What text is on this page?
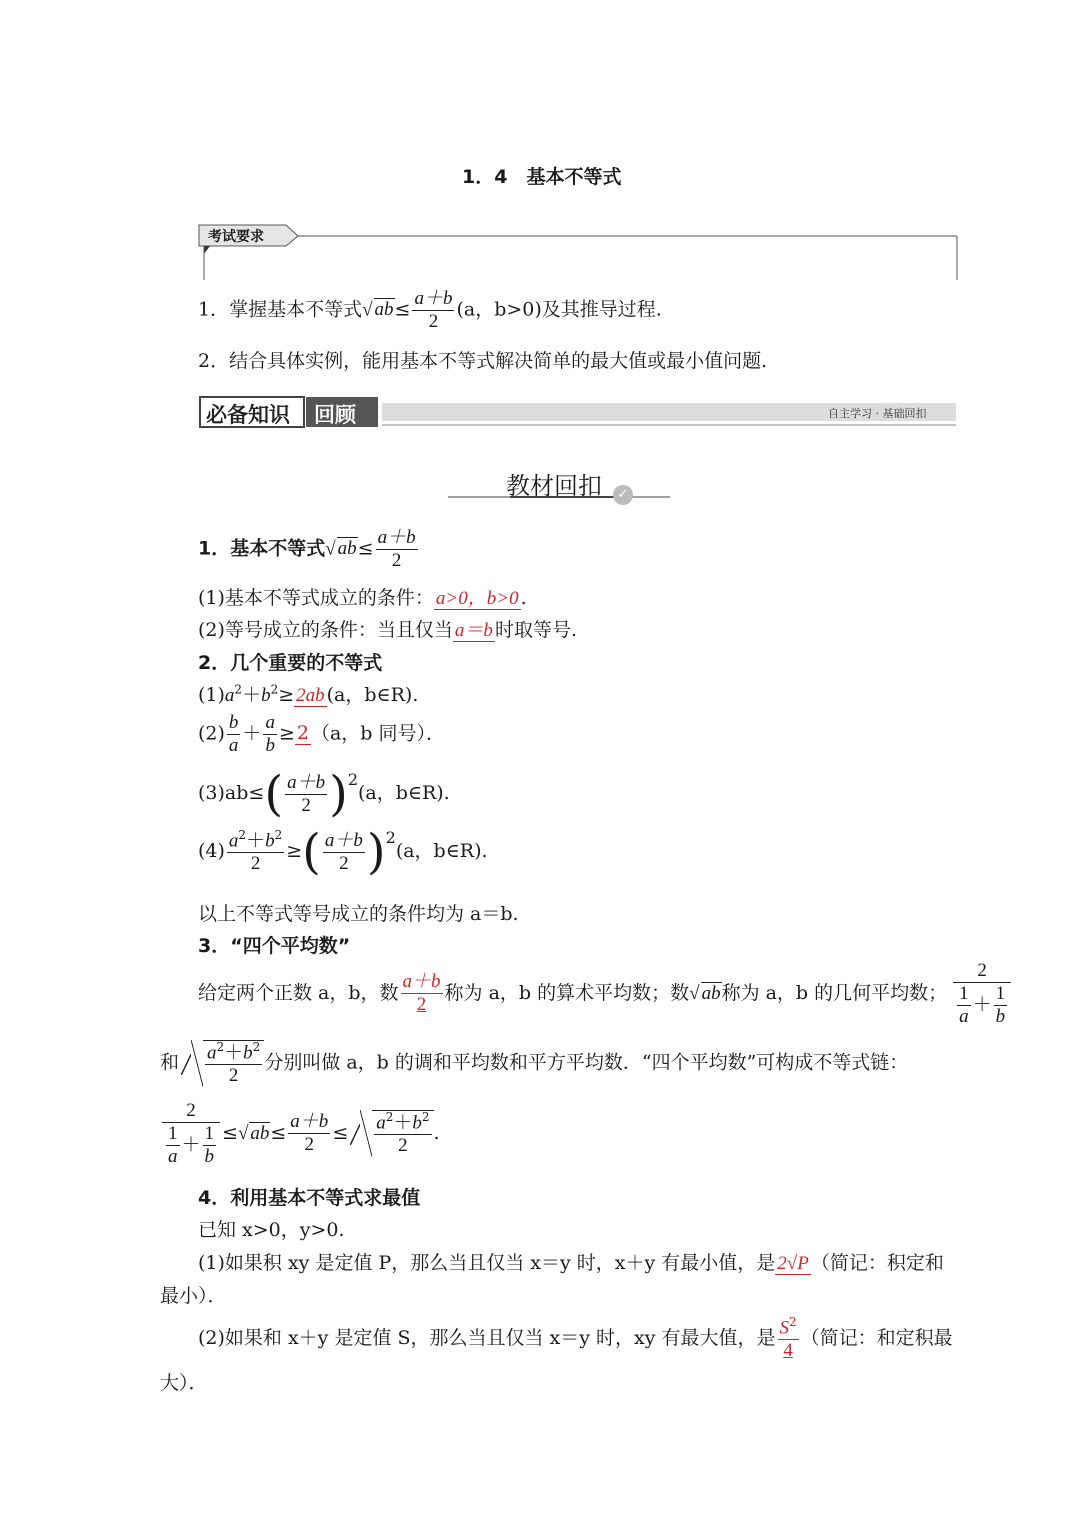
1．4　基本不等式
考试要求
1．掌握基本不等式√ $ab\le \frac{a+b}{2} (a$，b>0)及其推导过程.
2．结合具体实例，能用基本不等式解决简单的最大值或最小值问题.
必备知识 回顾	自主学习 · 基础回扣
教材回扣	✓
1．基本不等式√ $ab\le \frac{a+b}{2}$
(1)基本不等式成立的条件： a>0，b>0 .
(2)等号成立的条件：当且仅当 a＝b 时取等号.
2．几个重要的不等式
$(1)a^2+b^2\ge 2ab$ (a，b∈R).
$(2) \frac{b}{a} + \frac{a}{b} \ge 2$ （a，b 同号）．
$(3)ab\le( \frac{a+b}{2} )^2(a$，b∈R).
$(4) \frac{a^2+b^2}{2}$ ≥( $\frac{a+b}{2} )^2(a$，b∈R).
以上不等式等号成立的条件均为 a＝b.
3．“四个平均数”
给定两个正数 a，b，数 $\frac{a+b}{2}$ 称为 a，b 的算术平均数；数√ ab称为 a，b 的几何平均数； $\frac{2}{\frac{1}{a} + \frac{1}{b}}$
和 $\frac{a^2+b^2}{2}$ 分别叫做 a，b 的调和平均数和平方平均数．“四个平均数”可构成不等式链：
$\frac{2}{\frac{1}{a} + \frac{1}{b}}$ ≤√ $ab\le \frac{a+b}{2} \le \frac{a^2+b^2}{2}$ .
4．利用基本不等式求最值
已知 x>0，y>0.
(1)如果积 xy 是定值 P，那么当且仅当 x＝y 时，x＋y 有最小值，是 2√P （简记：积定和
最小）．
(2)如果和 x＋y 是定值 S，那么当且仅当 x＝y 时，xy 有最大值，是 $\frac{S^2}{4}$ （简记：和定积最
大）．
